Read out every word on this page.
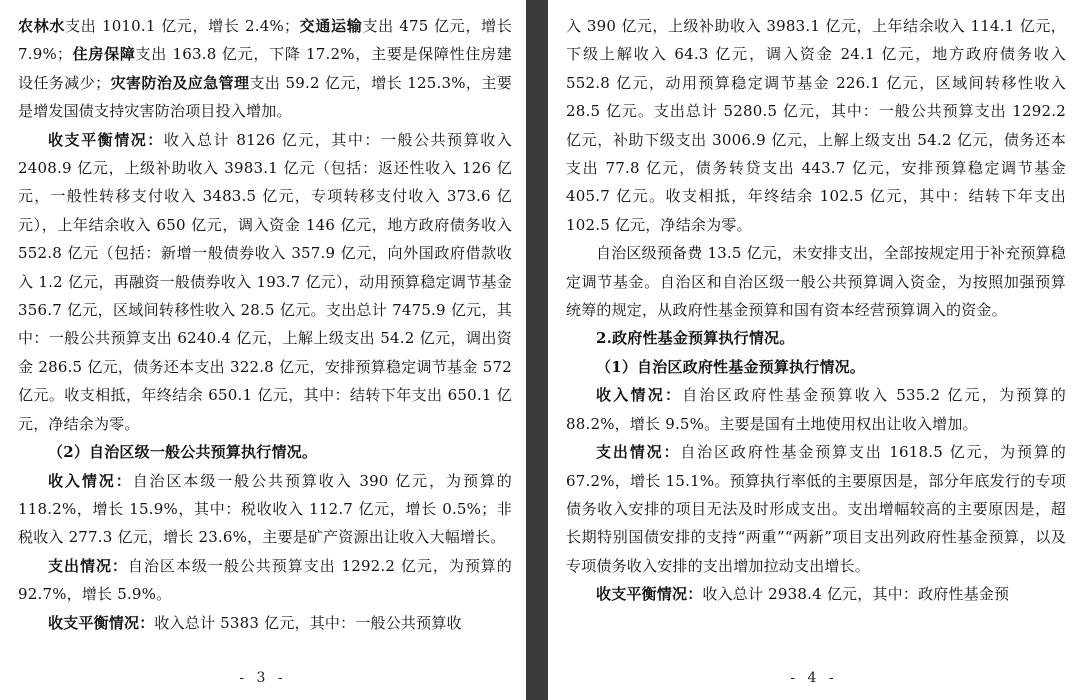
农林水支出 1010.1 亿元，增长 2.4%；交通运输支出 475 亿元，增长 7.9%；住房保障支出 163.8 亿元，下降 17.2%，主要是保障性住房建设任务减少；灾害防治及应急管理支出 59.2 亿元，增长 125.3%，主要是增发国债支持灾害防治项目投入增加。

收支平衡情况：收入总计 8126 亿元，其中：一般公共预算收入 2408.9 亿元，上级补助收入 3983.1 亿元（包括：返还性收入 126 亿元，一般性转移支付收入 3483.5 亿元，专项转移支付收入 373.6 亿元），上年结余收入 650 亿元，调入资金 146 亿元，地方政府债务收入 552.8 亿元（包括：新增一般债券收入 357.9 亿元，向外国政府借款收入 1.2 亿元，再融资一般债券收入 193.7 亿元），动用预算稳定调节基金 356.7 亿元，区域间转移性收入 28.5 亿元。支出总计 7475.9 亿元，其中：一般公共预算支出 6240.4 亿元，上解上级支出 54.2 亿元，调出资金 286.5 亿元，债务还本支出 322.8 亿元，安排预算稳定调节基金 572 亿元。收支相抵，年终结余 650.1 亿元，其中：结转下年支出 650.1 亿元，净结余为零。

（2）自治区级一般公共预算执行情况。

收入情况：自治区本级一般公共预算收入 390 亿元，为预算的 118.2%，增长 15.9%，其中：税收收入 112.7 亿元，增长 0.5%；非税收入 277.3 亿元，增长 23.6%，主要是矿产资源出让收入大幅增长。

支出情况：自治区本级一般公共预算支出 1292.2 亿元，为预算的 92.7%，增长 5.9%。

收支平衡情况：收入总计 5383 亿元，其中：一般公共预算收

- 3 -

入 390 亿元，上级补助收入 3983.1 亿元，上年结余收入 114.1 亿元，下级上解收入 64.3 亿元，调入资金 24.1 亿元，地方政府债务收入 552.8 亿元，动用预算稳定调节基金 226.1 亿元，区域间转移性收入 28.5 亿元。支出总计 5280.5 亿元，其中：一般公共预算支出 1292.2 亿元，补助下级支出 3006.9 亿元，上解上级支出 54.2 亿元，债务还本支出 77.8 亿元，债务转贷支出 443.7 亿元，安排预算稳定调节基金 405.7 亿元。收支相抵，年终结余 102.5 亿元，其中：结转下年支出 102.5 亿元，净结余为零。

自治区级预备费 13.5 亿元，未安排支出，全部按规定用于补充预算稳定调节基金。自治区和自治区级一般公共预算调入资金，为按照加强预算统筹的规定，从政府性基金预算和国有资本经营预算调入的资金。

2.政府性基金预算执行情况。

（1）自治区政府性基金预算执行情况。

收入情况：自治区政府性基金预算收入 535.2 亿元，为预算的 88.2%，增长 9.5%。主要是国有土地使用权出让收入增加。

支出情况：自治区政府性基金预算支出 1618.5 亿元，为预算的 67.2%，增长 15.1%。预算执行率低的主要原因是，部分年底发行的专项债务收入安排的项目无法及时形成支出。支出增幅较高的主要原因是，超长期特别国债安排的支持“两重”“两新”项目支出列政府性基金预算，以及专项债务收入安排的支出增加拉动支出增长。

收支平衡情况：收入总计 2938.4 亿元，其中：政府性基金预

- 4 -
